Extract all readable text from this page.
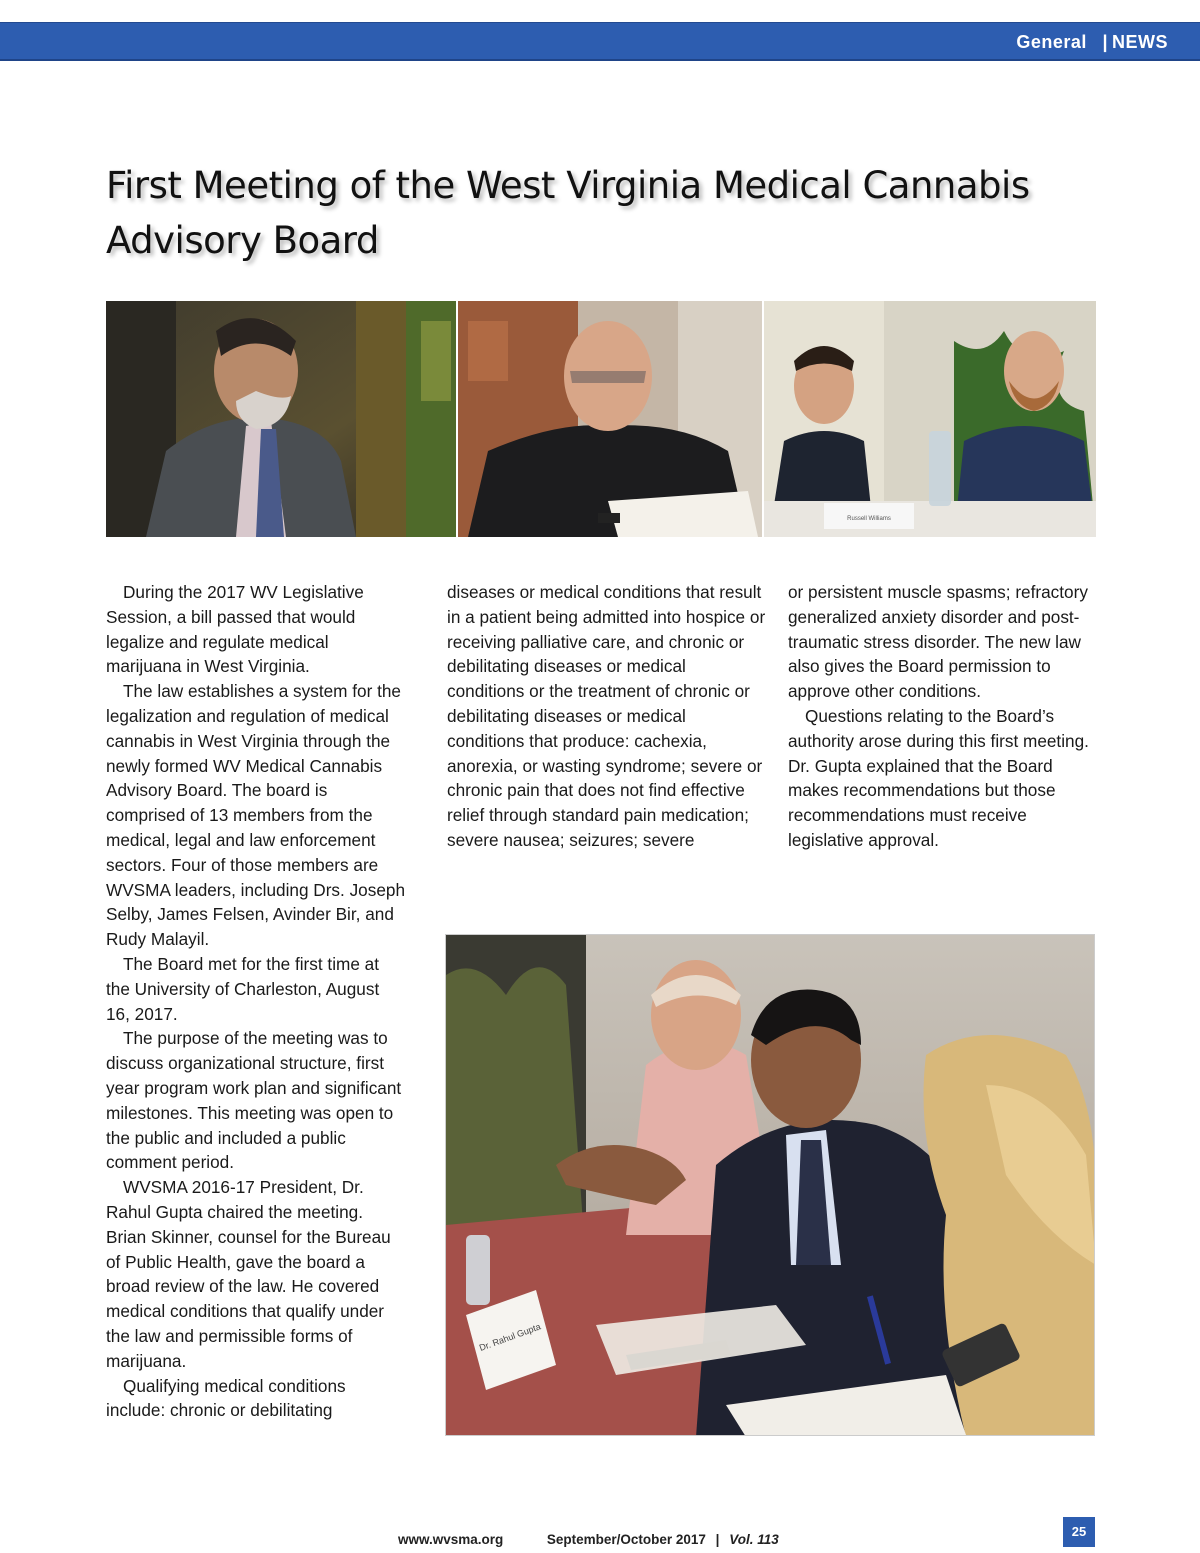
General | NEWS
First Meeting of the West Virginia Medical Cannabis Advisory Board
Russell Williams

During the 2017 WV Legislative Session, a bill passed that would legalize and regulate medical marijuana in West Virginia.

The law establishes a system for the legalization and regulation of medical cannabis in West Virginia through the newly formed WV Medical Cannabis Advisory Board. The board is comprised of 13 members from the medical, legal and law enforcement sectors. Four of those members are WVSMA leaders, including Drs. Joseph Selby, James Felsen, Avinder Bir, and Rudy Malayil.

The Board met for the first time at the University of Charleston, August 16, 2017.

The purpose of the meeting was to discuss organizational structure, first year program work plan and significant milestones. This meeting was open to the public and included a public comment period.

WVSMA 2016-17 President, Dr. Rahul Gupta chaired the meeting. Brian Skinner, counsel for the Bureau of Public Health, gave the board a broad review of the law. He covered medical conditions that qualify under the law and permissible forms of marijuana.

Qualifying medical conditions include: chronic or debilitating

diseases or medical conditions that result in a patient being admitted into hospice or receiving palliative care, and chronic or debilitating diseases or medical conditions or the treatment of chronic or debilitating diseases or medical conditions that produce: cachexia, anorexia, or wasting syndrome; severe or chronic pain that does not find effective relief through standard pain medication; severe nausea; seizures; severe

or persistent muscle spasms; refractory generalized anxiety disorder and post-traumatic stress disorder. The new law also gives the Board permission to approve other conditions.

Questions relating to the Board’s authority arose during this first meeting. Dr. Gupta explained that the Board makes recommendations but those recommendations must receive legislative approval.

Dr. Rahul Gupta
www.wvsma.org	September/October 2017 | Vol. 113
25
